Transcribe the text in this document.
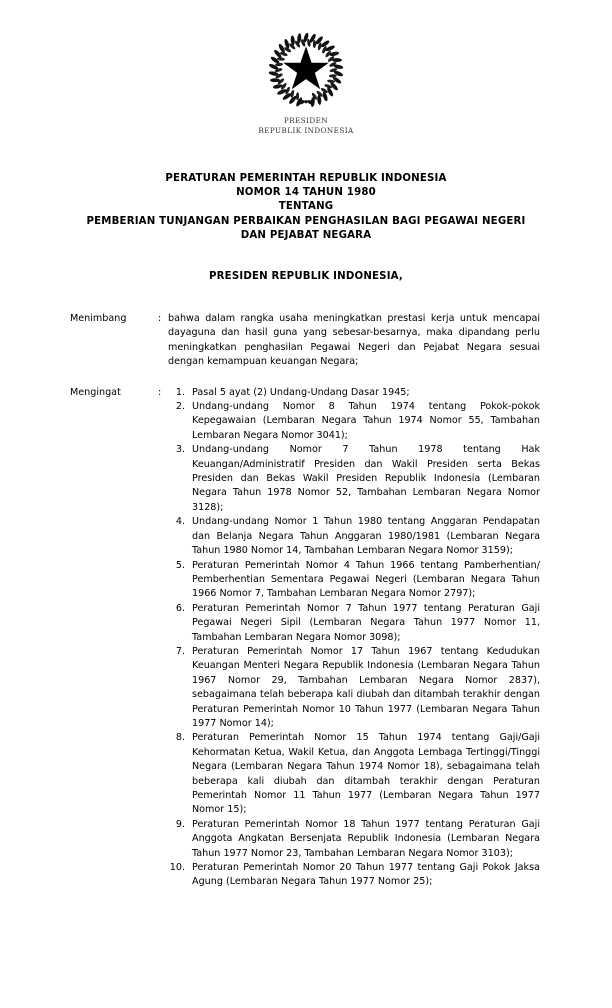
PRESIDEN
REPUBLIK INDONESIA
PERATURAN PEMERINTAH REPUBLIK INDONESIA
NOMOR 14 TAHUN 1980
TENTANG
PEMBERIAN TUNJANGAN PERBAIKAN PENGHASILAN BAGI PEGAWAI NEGERI
DAN PEJABAT NEGARA
PRESIDEN REPUBLIK INDONESIA,
Menimbang	: bahwa dalam rangka usaha meningkatkan prestasi kerja untuk mencapai dayaguna dan hasil guna yang sebesar-besarnya, maka dipandang perlu meningkatkan penghasilan Pegawai Negeri dan Pejabat Negara sesuai dengan kemampuan keuangan Negara;

Mengingat	:	1. Pasal 5 ayat (2) Undang-Undang Dasar 1945;
2. Undang-undang Nomor 8 Tahun 1974 tentang Pokok-pokok Kepegawaian (Lembaran Negara Tahun 1974 Nomor 55, Tambahan Lembaran Negara Nomor 3041);
3. Undang-undang Nomor 7 Tahun 1978 tentang Hak Keuangan/Administratif Presiden dan Wakil Presiden serta Bekas Presiden dan Bekas Wakil Presiden Republik Indonesia (Lembaran Negara Tahun 1978 Nomor 52, Tambahan Lembaran Negara Nomor 3128);
4. Undang-undang Nomor 1 Tahun 1980 tentang Anggaran Pendapatan dan Belanja Negara Tahun Anggaran 1980/1981 (Lembaran Negara Tahun 1980 Nomor 14, Tambahan Lembaran Negara Nomor 3159);
5. Peraturan Pemerintah Nomor 4 Tahun 1966 tentang Pamberhentian/ Pemberhentian Sementara Pegawai Negeri (Lembaran Negara Tahun 1966 Nomor 7, Tambahan Lembaran Negara Nomor 2797);
6. Peraturan Pemerintah Nomor 7 Tahun 1977 tentang Peraturan Gaji Pegawai Negeri Sipil (Lembaran Negara Tahun 1977 Nomor 11, Tambahan Lembaran Negara Nomor 3098);
7. Peraturan Pemerintah Nomor 17 Tahun 1967 tentang Kedudukan Keuangan Menteri Negara Republik Indonesia (Lembaran Negara Tahun 1967 Nomor 29, Tambahan Lembaran Negara Nomor 2837), sebagaimana telah beberapa kali diubah dan ditambah terakhir dengan Peraturan Pemerintah Nomor 10 Tahun 1977 (Lembaran Negara Tahun 1977 Nomor 14);
8. Peraturan Pemerintah Nomor 15 Tahun 1974 tentang Gaji/Gaji Kehormatan Ketua, Wakil Ketua, dan Anggota Lembaga Tertinggi/Tinggi Negara (Lembaran Negara Tahun 1974 Nomor 18), sebagaimana telah beberapa kali diubah dan ditambah terakhir dengan Peraturan Pemerintah Nomor 11 Tahun 1977 (Lembaran Negara Tahun 1977 Nomor 15);
9. Peraturan Pemerintah Nomor 18 Tahun 1977 tentang Peraturan Gaji Anggota Angkatan Bersenjata Republik Indonesia (Lembaran Negara Tahun 1977 Nomor 23, Tambahan Lembaran Negara Nomor 3103);
10. Peraturan Pemerintah Nomor 20 Tahun 1977 tentang Gaji Pokok Jaksa Agung (Lembaran Negara Tahun 1977 Nomor 25);
